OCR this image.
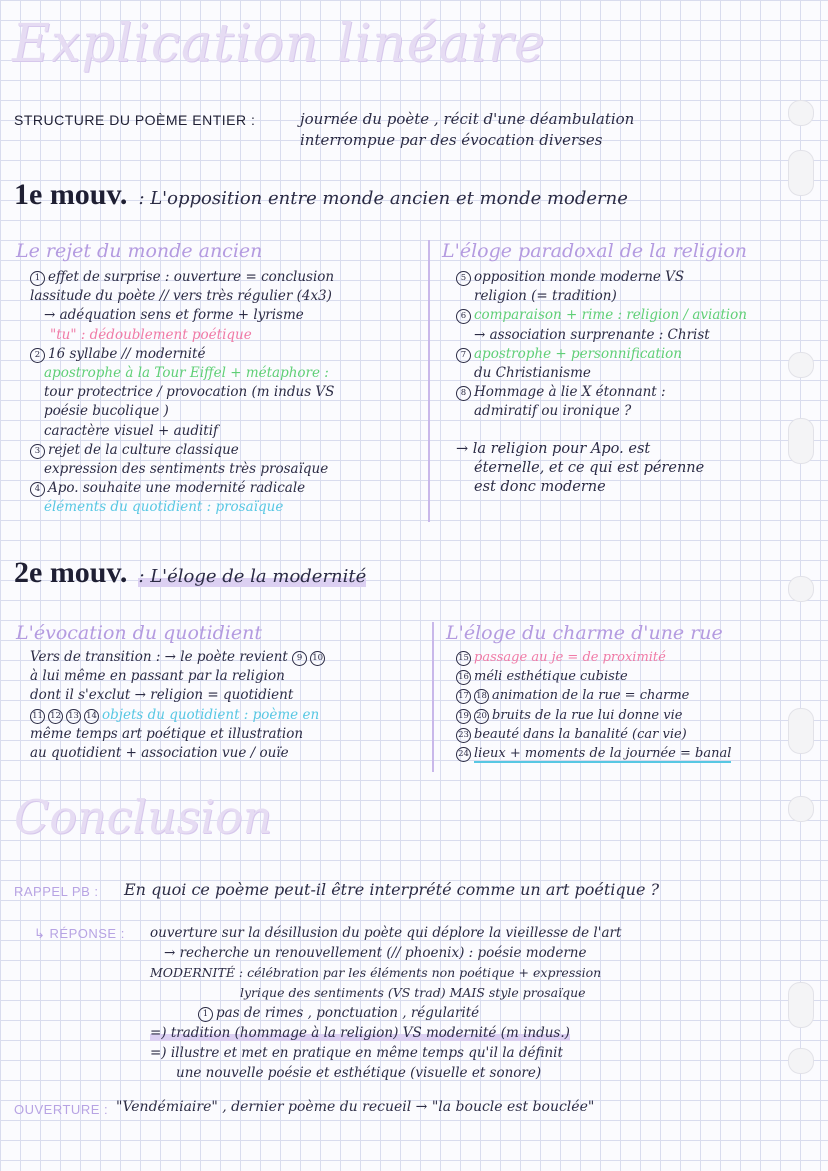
Explication linéaire
STRUCTURE DU POÈME ENTIER :	journée du poète , récit d'une déambulation
interrompue par des évocation diverses
1e mouv. : L'opposition entre monde ancien et monde moderne
Le rejet du monde ancien	L'éloge paradoxal de la religion
1 effet de surprise : ouverture = conclusion
lassitude du poète // vers très régulier (4x3)
→ adéquation sens et forme + lyrisme
"tu" : dédoublement poétique
2 16 syllabe // modernité
apostrophe à la Tour Eiffel + métaphore :
tour protectrice / provocation (m indus VS
poésie bucolique )
caractère visuel + auditif
3 rejet de la culture classique
expression des sentiments très prosaïque
4 Apo. souhaite une modernité radicale
éléments du quotidient : prosaïque
5 opposition monde moderne VS
religion (= tradition)
6 comparaison + rime : religion / aviation
→ association surprenante : Christ
7 apostrophe + personnification
du Christianisme
8 Hommage à lie X étonnant :
admiratif ou ironique ?
→ la religion pour Apo. est
éternelle, et ce qui est pérenne
est donc moderne
2e mouv. : L'éloge de la modernité
L'évocation du quotidient	L'éloge du charme d'une rue
Vers de transition : → le poète revient 9 10
à lui même en passant par la religion
dont il s'exclut → religion = quotidient
11 12 13 14 objets du quotidient : poème en
même temps art poétique et illustration
au quotidient + association vue / ouïe
15 passage au je = de proximité
16 méli esthétique cubiste
17 18 animation de la rue = charme
19 20 bruits de la rue lui donne vie
23 beauté dans la banalité (car vie)
24 lieux + moments de la journée = banal
Conclusion
RAPPEL PB : En quoi ce poème peut-il être interprété comme un art poétique ?
↳ RÉPONSE : ouverture sur la désillusion du poète qui déplore la vieillesse de l'art
→ recherche un renouvellement (// phoenix) : poésie moderne
MODERNITÉ : célébration par les éléments non poétique + expression
lyrique des sentiments (VS trad) MAIS style prosaïque
1 pas de rimes , ponctuation , régularité
=) tradition (hommage à la religion) VS modernité (m indus.)
=) illustre et met en pratique en même temps qu'il la définit
une nouvelle poésie et esthétique (visuelle et sonore)
OUVERTURE : "Vendémiaire" , dernier poème du recueil → "la boucle est bouclée"
